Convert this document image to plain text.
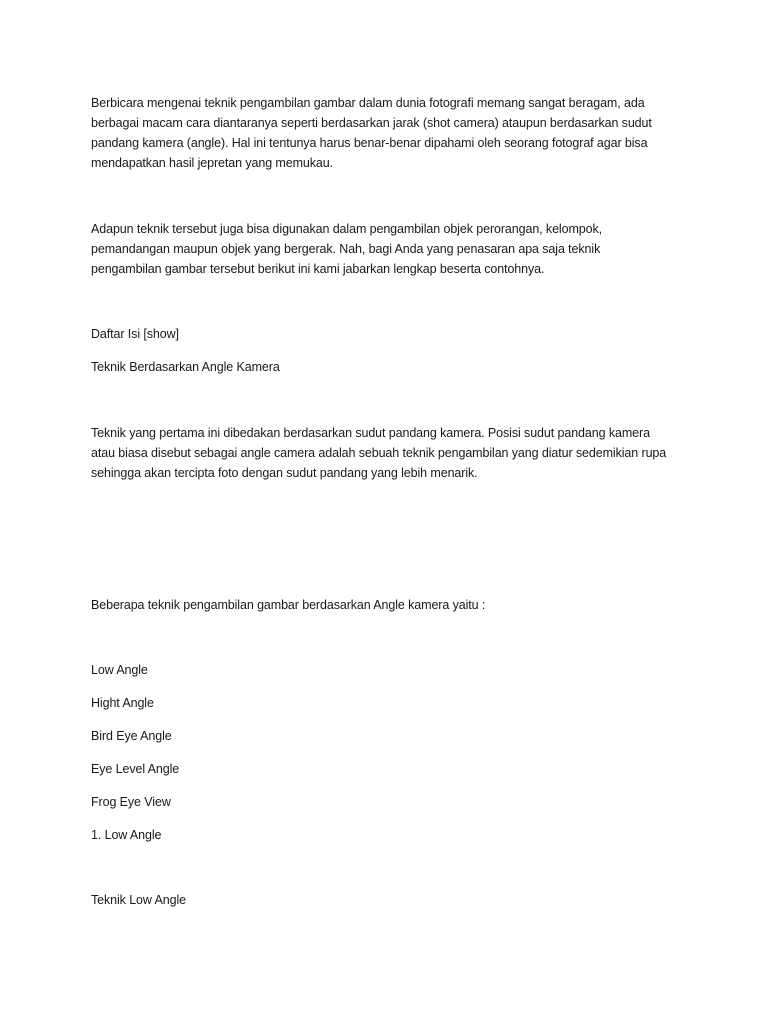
Berbicara mengenai teknik pengambilan gambar dalam dunia fotografi memang sangat beragam, ada

berbagai macam cara diantaranya seperti berdasarkan jarak (shot camera) ataupun berdasarkan sudut

pandang kamera (angle). Hal ini tentunya harus benar-benar dipahami oleh seorang fotograf agar bisa

mendapatkan hasil jepretan yang memukau.

Adapun teknik tersebut juga bisa digunakan dalam pengambilan objek perorangan, kelompok,

pemandangan maupun objek yang bergerak. Nah, bagi Anda yang penasaran apa saja teknik

pengambilan gambar tersebut berikut ini kami jabarkan lengkap beserta contohnya.

Daftar Isi [show]

Teknik Berdasarkan Angle Kamera

Teknik yang pertama ini dibedakan berdasarkan sudut pandang kamera. Posisi sudut pandang kamera

atau biasa disebut sebagai angle camera adalah sebuah teknik pengambilan yang diatur sedemikian rupa

sehingga akan tercipta foto dengan sudut pandang yang lebih menarik.

Beberapa teknik pengambilan gambar berdasarkan Angle kamera yaitu :

Low Angle

Hight Angle

Bird Eye Angle

Eye Level Angle

Frog Eye View

1. Low Angle

Teknik Low Angle
